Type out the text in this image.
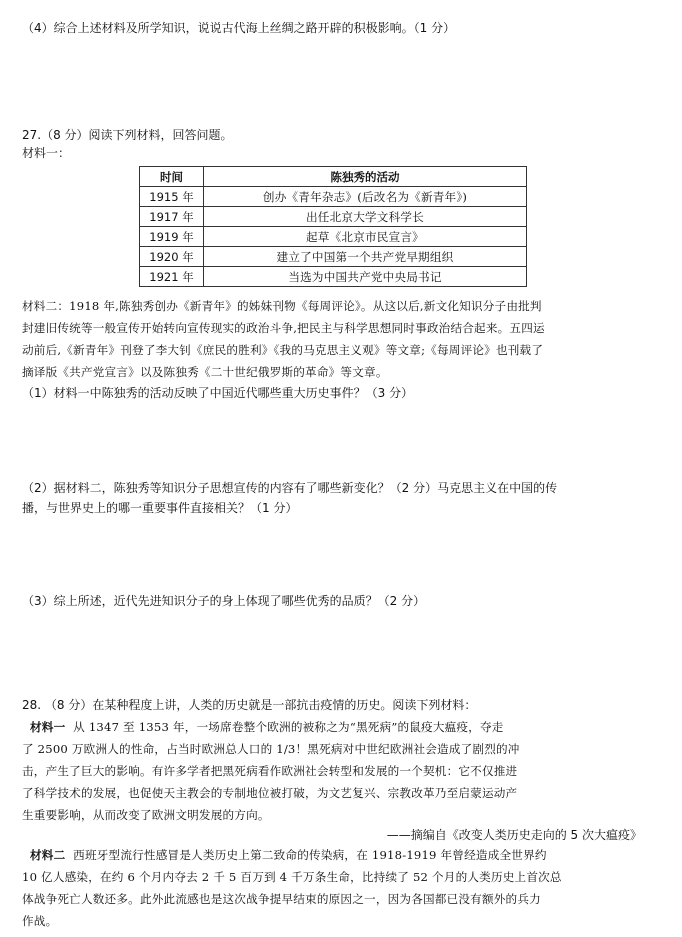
（4）综合上述材料及所学知识，说说古代海上丝绸之路开辟的积极影响。（1 分）
27.（8 分）阅读下列材料，回答问题。
材料一：
时间	陈独秀的活动
1915 年	创办《青年杂志》(后改名为《新青年》)
1917 年	出任北京大学文科学长
1919 年	起草《北京市民宣言》
1920 年	建立了中国第一个共产党早期组织
1921 年	当选为中国共产党中央局书记
材料二：1918 年,陈独秀创办《新青年》的姊妹刊物《每周评论》。从这以后,新文化知识分子由批判
封建旧传统等一般宣传开始转向宣传现实的政治斗争,把民主与科学思想同时事政治结合起来。五四运
动前后,《新青年》刊登了李大钊《庶民的胜利》《我的马克思主义观》等文章;《每周评论》也刊载了
摘译版《共产党宣言》以及陈独秀《二十世纪俄罗斯的革命》等文章。
（1）材料一中陈独秀的活动反映了中国近代哪些重大历史事件？（3 分）
（2）据材料二，陈独秀等知识分子思想宣传的内容有了哪些新变化？（2 分）马克思主义在中国的传
播，与世界史上的哪一重要事件直接相关？（1 分）
（3）综上所述，近代先进知识分子的身上体现了哪些优秀的品质？（2 分）
28. （8 分）在某种程度上讲，人类的历史就是一部抗击疫情的历史。阅读下列材料：
材料一 从 1347 至 1353 年，一场席卷整个欧洲的被称之为“黑死病”的鼠疫大瘟疫，夺走
了 2500 万欧洲人的性命，占当时欧洲总人口的 1/3！黑死病对中世纪欧洲社会造成了剧烈的冲
击，产生了巨大的影响。有许多学者把黑死病看作欧洲社会转型和发展的一个契机：它不仅推进
了科学技术的发展，也促使天主教会的专制地位被打破，为文艺复兴、宗教改革乃至启蒙运动产
生重要影响，从而改变了欧洲文明发展的方向。
——摘编自《改变人类历史走向的 5 次大瘟疫》
材料二 西班牙型流行性感冒是人类历史上第二致命的传染病，在 1918-1919 年曾经造成全世界约
10 亿人感染，在约 6 个月内夺去 2 千 5 百万到 4 千万条生命，比持续了 52 个月的人类历史上首次总
体战争死亡人数还多。此外此流感也是这次战争提早结束的原因之一，因为各国都已没有额外的兵力
作战。
